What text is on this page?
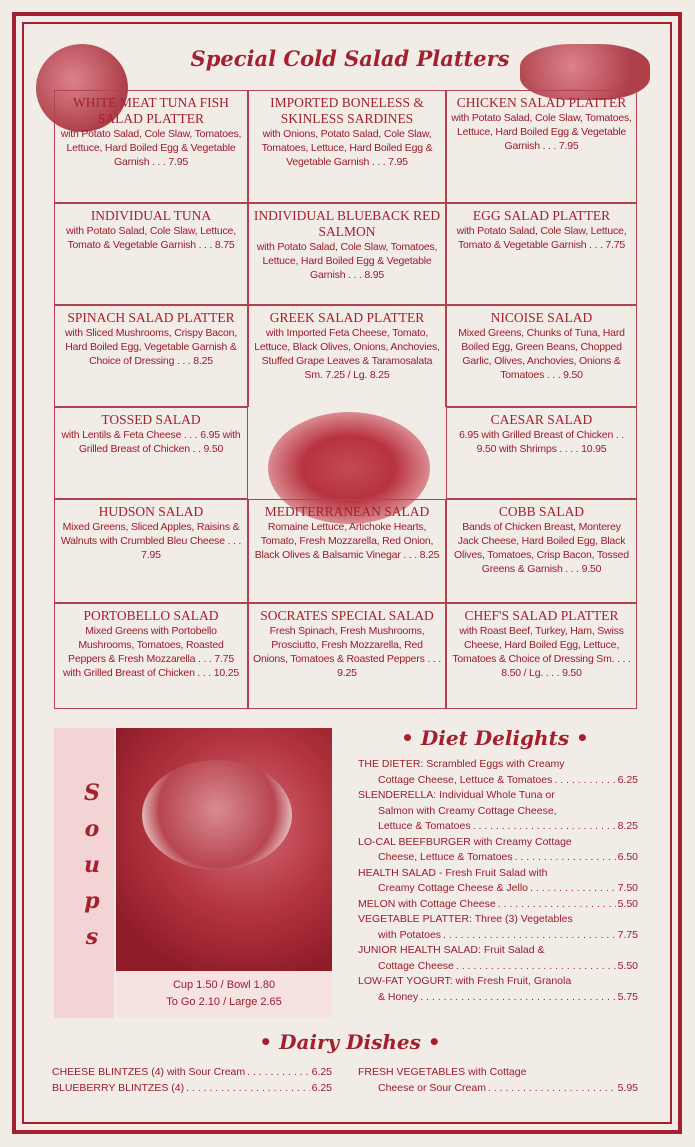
Special Cold Salad Platters
Soups
Cup 1.50 / Bowl 1.80
To Go 2.10 / Large 2.65
• Diet Delights •
THE DIETER: Scrambled Eggs with Creamy
Cottage Cheese, Lettuce & Tomatoes . . .	6.25
SLENDERELLA: Individual Whole Tuna or
Salmon with Creamy Cottage Cheese,
Lettuce & Tomatoes . . .	8.25
LO-CAL BEEFBURGER with Creamy Cottage
Cheese, Lettuce & Tomatoes . . .	6.50
HEALTH SALAD - Fresh Fruit Salad with
Creamy Cottage Cheese & Jello . . .	7.50
MELON with Cottage Cheese . . .	5.50
VEGETABLE PLATTER: Three (3) Vegetables
with Potatoes . . .	7.75
JUNIOR HEALTH SALAD: Fruit Salad &
Cottage Cheese . . .	5.50
LOW-FAT YOGURT: with Fresh Fruit, Granola
& Honey . . .	5.75
• Dairy Dishes •
CHEESE BLINTZES (4) with Sour Cream . . .	6.25
BLUEBERRY BLINTZES (4) . . .	6.25
FRESH VEGETABLES with Cottage
Cheese or Sour Cream . . .	5.95
WHITE MEAT TUNA FISH SALAD PLATTER
with Potato Salad, Cole Slaw, Tomatoes, Lettuce, Hard Boiled Egg & Vegetable Garnish . . . 7.95
IMPORTED BONELESS & SKINLESS SARDINES
with Onions, Potato Salad, Cole Slaw, Tomatoes, Lettuce, Hard Boiled Egg & Vegetable Garnish . . . 7.95
CHICKEN SALAD PLATTER
with Potato Salad, Cole Slaw, Tomatoes, Lettuce, Hard Boiled Egg & Vegetable Garnish . . . 7.95
INDIVIDUAL TUNA
with Potato Salad, Cole Slaw, Lettuce, Tomato & Vegetable Garnish . . . 8.75
INDIVIDUAL BLUEBACK RED SALMON
with Potato Salad, Cole Slaw, Tomatoes, Lettuce, Hard Boiled Egg & Vegetable Garnish . . . 8.95
EGG SALAD PLATTER
with Potato Salad, Cole Slaw, Lettuce, Tomato & Vegetable Garnish . . . 7.75
SPINACH SALAD PLATTER
with Sliced Mushrooms, Crispy Bacon, Hard Boiled Egg, Vegetable Garnish & Choice of Dressing . . . 8.25
GREEK SALAD PLATTER
with Imported Feta Cheese, Tomato, Lettuce, Black Olives, Onions, Anchovies, Stuffed Grape Leaves & Taramosalata Sm. 7.25 / Lg. 8.25
NICOISE SALAD
Mixed Greens, Chunks of Tuna, Hard Boiled Egg, Green Beans, Chopped Garlic, Olives, Anchovies, Onions & Tomatoes . . . 9.50
TOSSED SALAD
with Lentils & Feta Cheese . . . 6.95 with Grilled Breast of Chicken . . 9.50
CAESAR SALAD
6.95 with Grilled Breast of Chicken . . 9.50 with Shrimps . . . . 10.95
HUDSON SALAD
Mixed Greens, Sliced Apples, Raisins & Walnuts with Crumbled Bleu Cheese . . . 7.95
MEDITERRANEAN SALAD
Romaine Lettuce, Artichoke Hearts, Tomato, Fresh Mozzarella, Red Onion, Black Olives & Balsamic Vinegar . . . 8.25
COBB SALAD
Bands of Chicken Breast, Monterey Jack Cheese, Hard Boiled Egg, Black Olives, Tomatoes, Crisp Bacon, Tossed Greens & Garnish . . . 9.50
PORTOBELLO SALAD
Mixed Greens with Portobello Mushrooms, Tomatoes, Roasted Peppers & Fresh Mozzarella . . . 7.75 with Grilled Breast of Chicken . . . 10.25
SOCRATES SPECIAL SALAD
Fresh Spinach, Fresh Mushrooms, Prosciutto, Fresh Mozzarella, Red Onions, Tomatoes & Roasted Peppers . . . 9.25
CHEF'S SALAD PLATTER
with Roast Beef, Turkey, Ham, Swiss Cheese, Hard Boiled Egg, Lettuce, Tomatoes & Choice of Dressing Sm. . . . 8.50 / Lg. . . . 9.50
